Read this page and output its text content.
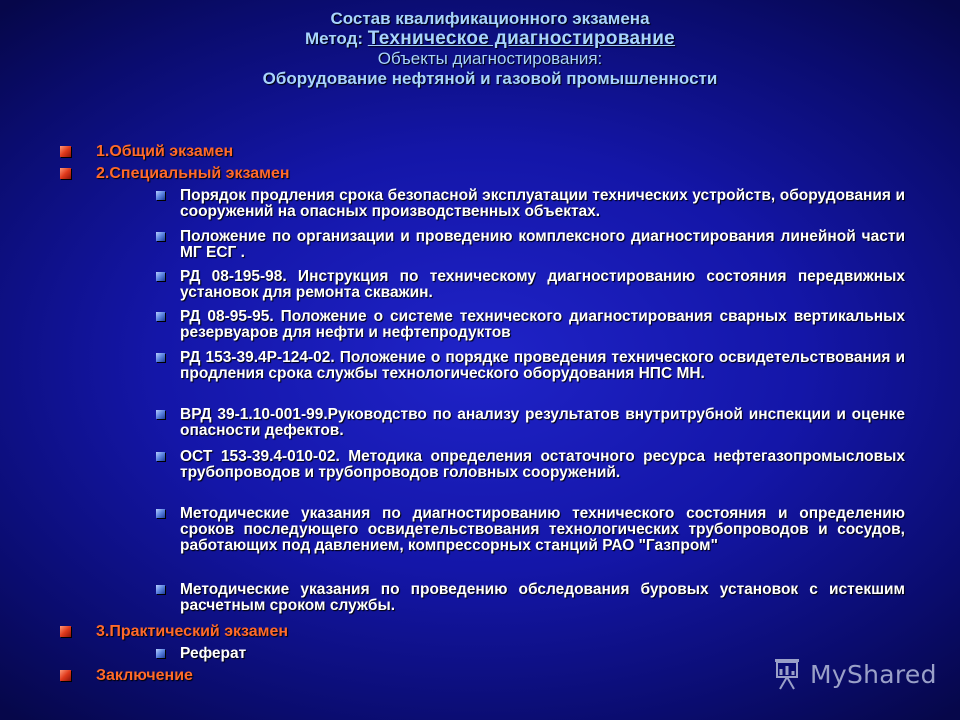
Состав квалификационного экзамена
Метод: Техническое диагностирование
Объекты диагностирования:
Оборудование нефтяной и газовой промышленности
1.Общий экзамен
2.Специальный экзамен
Порядок продления срока безопасной эксплуатации технических устройств, оборудования и сооружений на опасных производственных объектах.
Положение по организации и проведению комплексного диагностирования линейной части МГ ЕСГ .
РД 08-195-98. Инструкция по техническому диагностированию состояния передвижных установок для ремонта скважин.
РД 08-95-95. Положение о системе технического диагностирования сварных вертикальных резервуаров для нефти и нефтепродуктов
РД 153-39.4Р-124-02. Положение о порядке проведения технического освидетельствования и продления срока службы технологического оборудования НПС МН.
ВРД 39-1.10-001-99.Руководство по анализу результатов внутритрубной инспекции и оценке опасности дефектов.
ОСТ 153-39.4-010-02. Методика определения остаточного ресурса нефтегазопромысловых трубопроводов и трубопроводов головных сооружений.
Методические указания по диагностированию технического состояния и определению сроков последующего освидетельствования технологических трубопроводов и сосудов, работающих под давлением, компрессорных станций РАО "Газпром"
Методические указания по проведению обследования буровых установок с истекшим расчетным сроком службы.
3.Практический экзамен
Реферат
Заключение	MyShared
